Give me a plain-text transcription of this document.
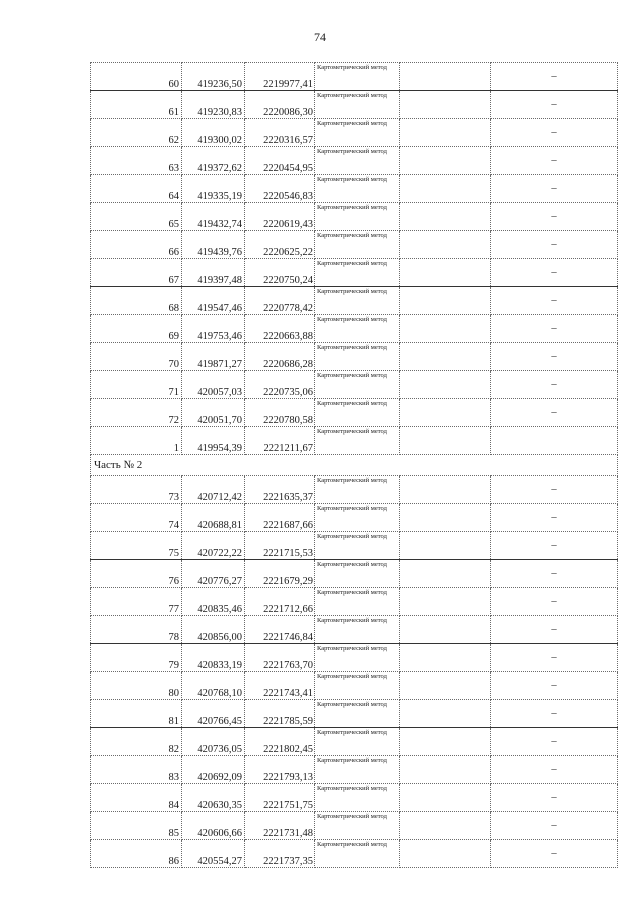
74
60	419236,50	2219977,41	Картометрический метод		–
61	419230,83	2220086,30	Картометрический метод		–
62	419300,02	2220316,57	Картометрический метод		–
63	419372,62	2220454,95	Картометрический метод		–
64	419335,19	2220546,83	Картометрический метод		–
65	419432,74	2220619,43	Картометрический метод		–
66	419439,76	2220625,22	Картометрический метод		–
67	419397,48	2220750,24	Картометрический метод		–
68	419547,46	2220778,42	Картометрический метод		–
69	419753,46	2220663,88	Картометрический метод		–
70	419871,27	2220686,28	Картометрический метод		–
71	420057,03	2220735,06	Картометрический метод		–
72	420051,70	2220780,58	Картометрический метод		–
1	419954,39	2221211,67	Картометрический метод		
Часть № 2					
73	420712,42	2221635,37	Картометрический метод		–
74	420688,81	2221687,66	Картометрический метод		–
75	420722,22	2221715,53	Картометрический метод		–
76	420776,27	2221679,29	Картометрический метод		–
77	420835,46	2221712,66	Картометрический метод		–
78	420856,00	2221746,84	Картометрический метод		–
79	420833,19	2221763,70	Картометрический метод		–
80	420768,10	2221743,41	Картометрический метод		–
81	420766,45	2221785,59	Картометрический метод		–
82	420736,05	2221802,45	Картометрический метод		–
83	420692,09	2221793,13	Картометрический метод		–
84	420630,35	2221751,75	Картометрический метод		–
85	420606,66	2221731,48	Картометрический метод		–
86	420554,27	2221737,35	Картометрический метод		–
